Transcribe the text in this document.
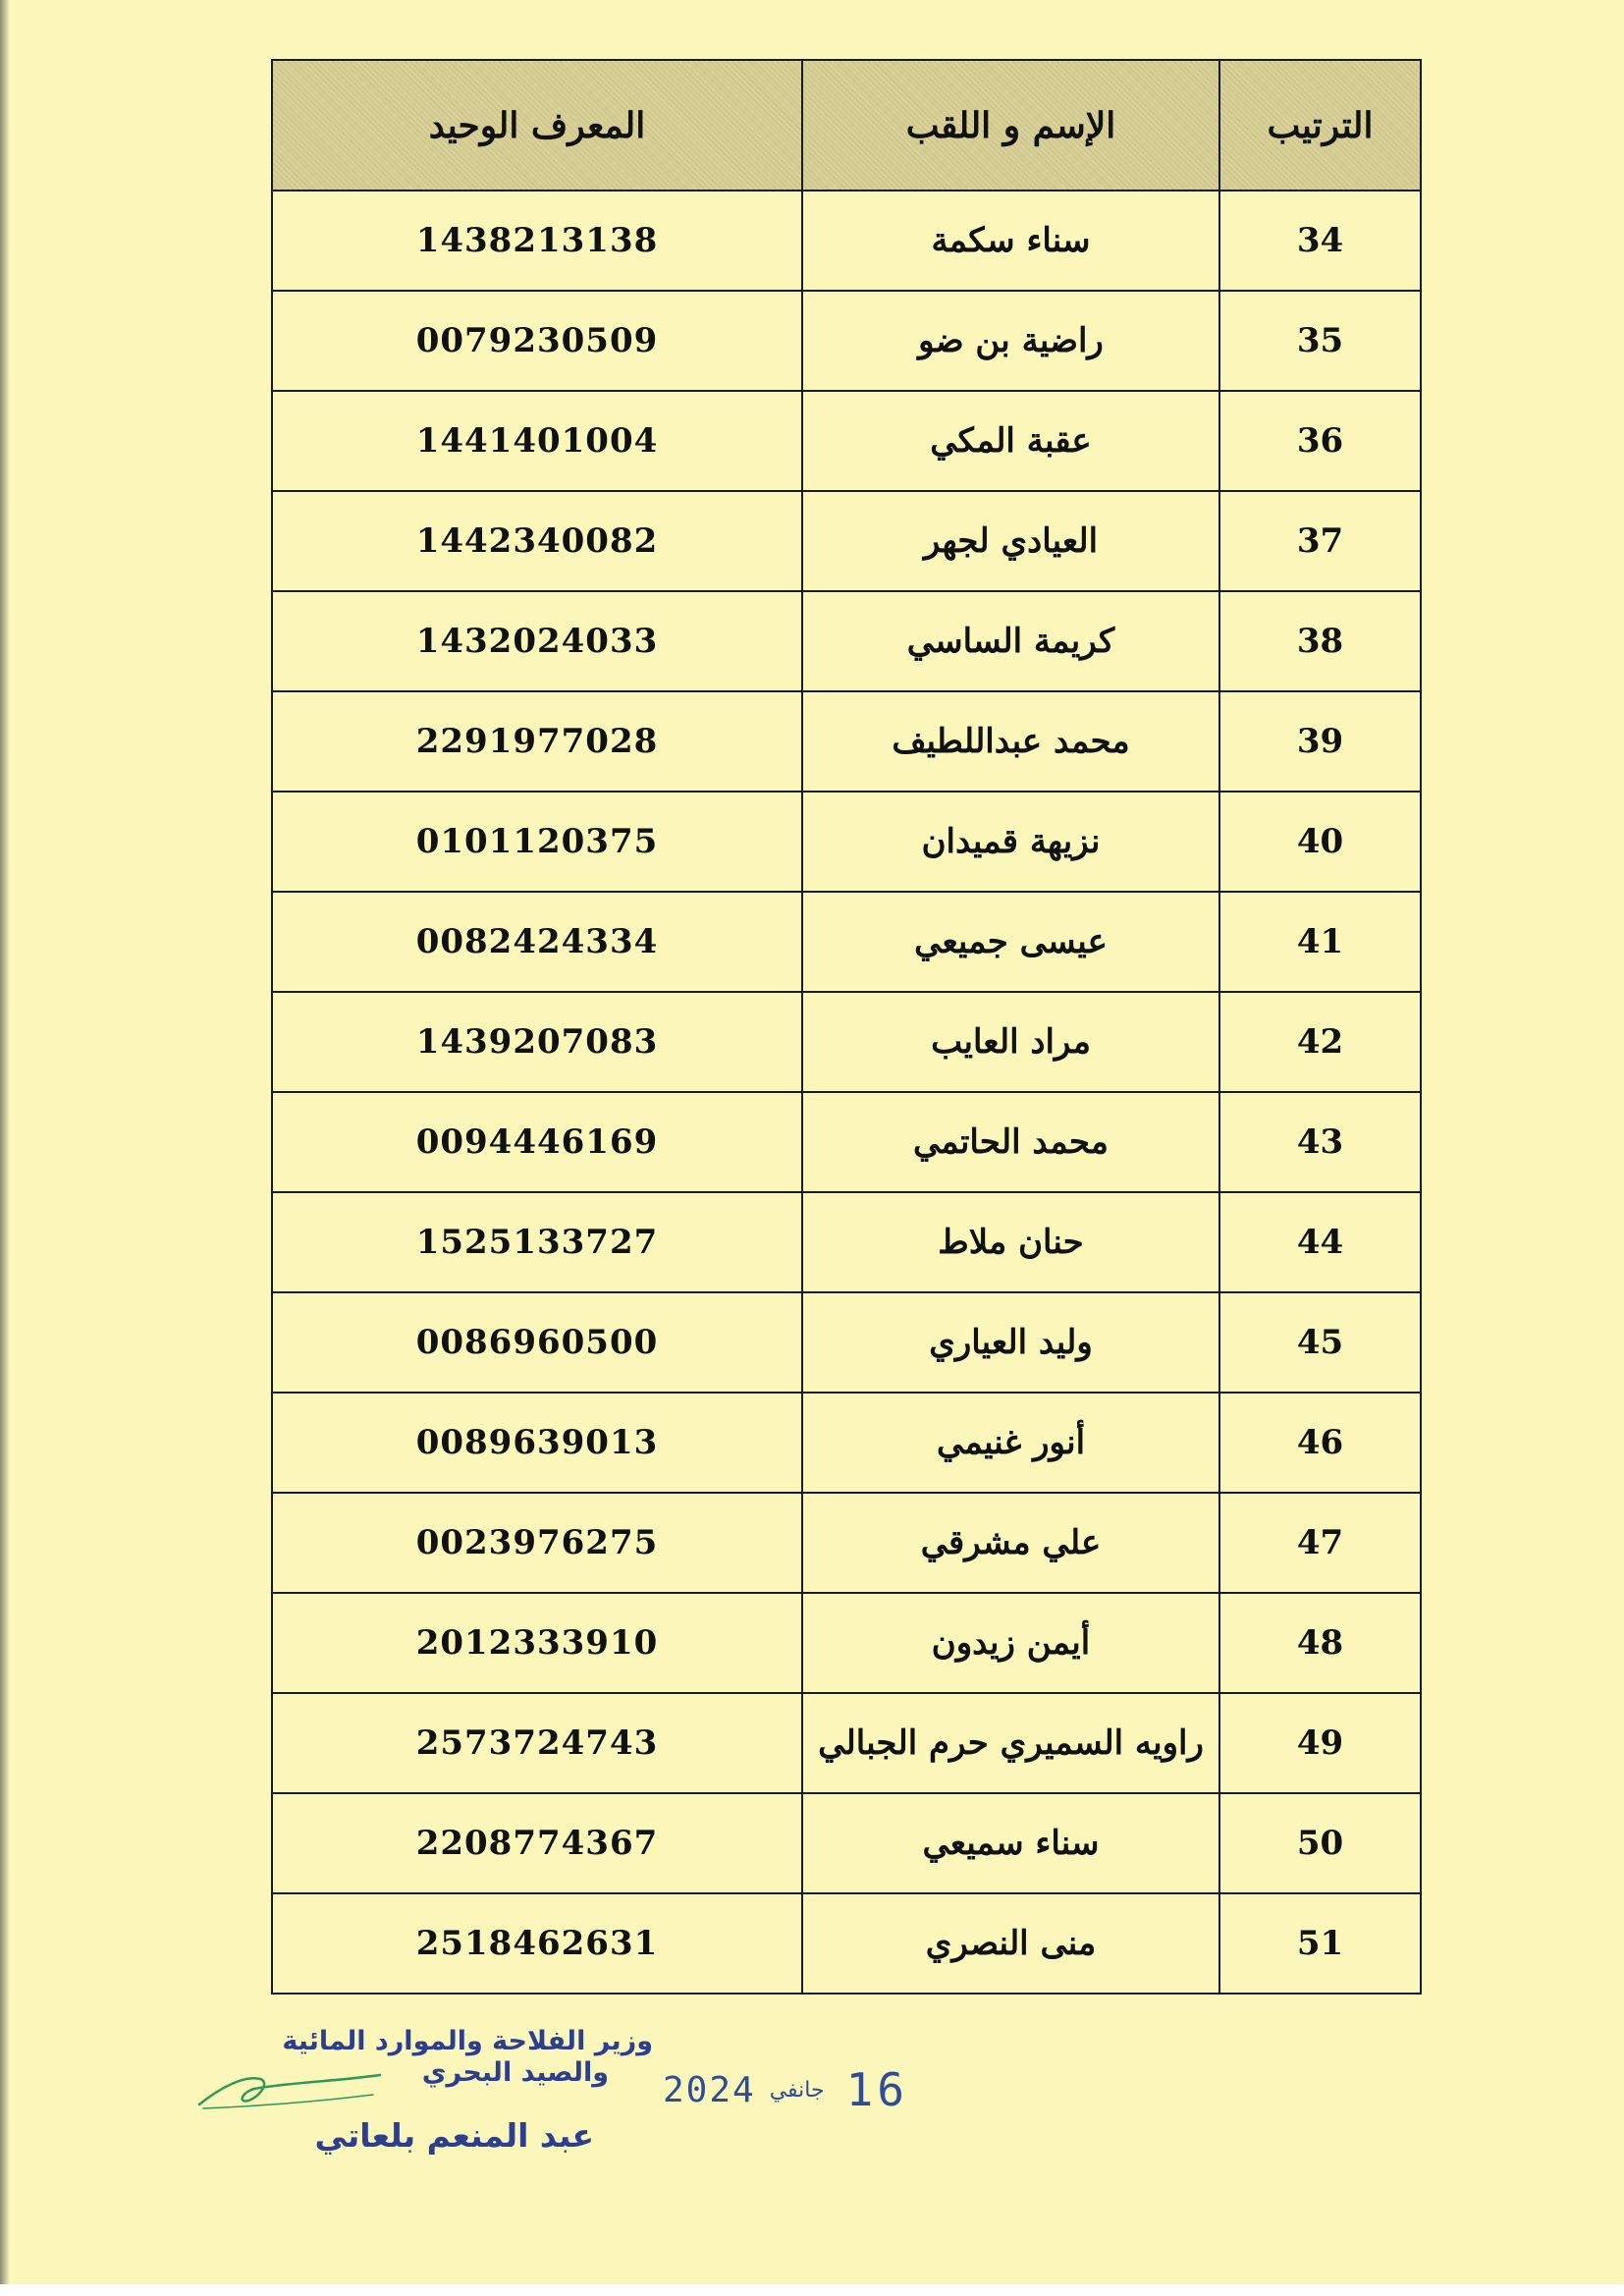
الترتيب	الإسم و اللقب	المعرف الوحيد
34	سناء سكمة	1438213138
35	راضية بن ضو	0079230509
36	عقبة المكي	1441401004
37	العيادي لجهر	1442340082
38	كريمة الساسي	1432024033
39	محمد عبداللطيف	2291977028
40	نزيهة قميدان	0101120375
41	عيسى جميعي	0082424334
42	مراد العايب	1439207083
43	محمد الحاتمي	0094446169
44	حنان ملاط	1525133727
45	وليد العياري	0086960500
46	أنور غنيمي	0089639013
47	علي مشرقي	0023976275
48	أيمن زيدون	2012333910
49	راويه السميري حرم الجبالي	2573724743
50	سناء سميعي	2208774367
51	منى النصري	2518462631
وزير الفلاحة والموارد المائية
والصيد البحري
عبد المنعم بلعاتي
2024 جانفي 16
